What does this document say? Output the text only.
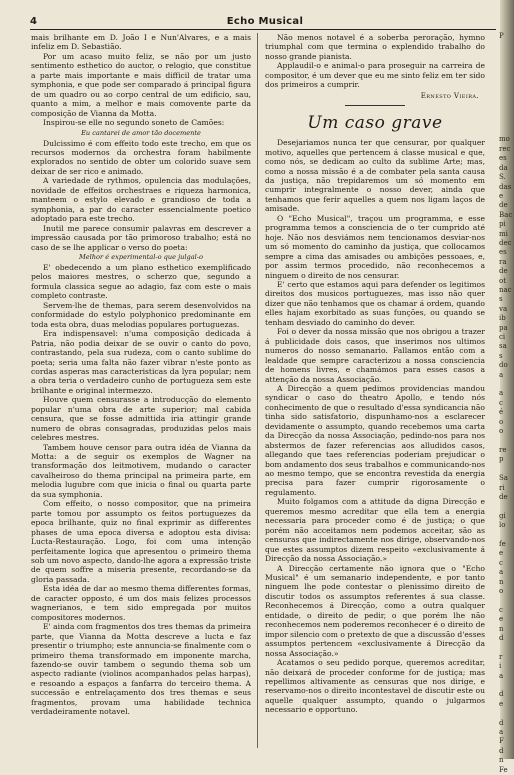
4	Echo Musical

mais brilhante em D. João I e Nun'Alvares, e a mais infeliz em D. Sebastião.

Por um acaso muito feliz, se não por um justo sentimento esthetico do auctor, o relogio, que constitue a parte mais importante e mais difficil de tratar uma symphonia, e que pode ser comparado á principal figura de um quadro ou ao corpo central de um edificio, sau, quanto a mim, a melhor e mais comovente parte da composição de Vianna da Motta.

Inspirou-se elle no segundo soneto de Camões:

Eu cantarei de amor tão docemente

Dulcissimo é com effeito todo este trecho, em que os recursos modernos da orchestra foram habilmente explorados no sentido de obter um colorido suave sem deixar de ser rico e animado.

A variedade de rythmos, opulencia das modulações, novidade de effeitos orchestraes e riqueza harmonica, manteem o estylo elevado e grandioso de toda a symphonia, a par do caracter essencialmente poetico adoptado para este trecho.

Inutil me parece consumir palavras em descrever a impressão causada por tão primoroso trabalho; está no caso de se lhe applicar o verso do poeta:

Melhor é experimental-o que julgal-o

E' obedecendo a um plano esthetico exemplificado pelos maiores mestres, o scherzo que, segundo a formula classica segue ao adagio, faz com este o mais completo contraste.

Servem-lhe de themas, para serem desenvolvidos na conformidade do estylo polyphonico predominante em toda esta obra, duas melodias populares portuguezas.

Era indispensavel: n'uma composição dedicada á Patria, não podia deixar de se ouvir o canto do povo, contrastando, pela sua rudeza, com o canto sublime do poeta; seria uma falta não fazer vibrar n'este ponto as cordas asperas mas caracteristicas da lyra popular; nem a obra teria o verdadeiro cunho de portugueza sem este brilhante e original intermezzo.

Houve quem censurasse a introducção do elemento popular n'uma obra de arte superior; mal cabida censura, que se fosse admittida iria attingir grande numero de obras consagradas, produzidas pelos mais celebres mestres.

Tambem houve censor para outra idéa de Vianna da Motta: a de seguir os exemplos de Wagner na transformação dos leitmotivem, mudando o caracter cavalheiroso do thema principal na primeira parte, em melodia lugubre com que inicia o final ou quarta parte da sua symphonia.

Com effeito, o nosso compositor, que na primeira parte tomou por assumpto os feitos portuguezes da epoca brilhante, quiz no final exprimir as differentes phases de uma epoca diversa e adoptou esta divisa: Lucta-Restauração. Logo, foi com uma intenção perfeitamente logica que apresentou o primeiro thema sob um novo aspecto, dando-lhe agora a expressão triste de quem soffre a miseria presente, recordando-se da gloria passada.

Esta idéa de dar ao mesmo thema differentes formas, de caracter opposto, é um dos mais felizes processos wagnerianos, e tem sido empregada por muitos compositores modernos.

E' ainda com fragmentos dos tres themas da primeira parte, que Vianna da Motta descreve a lucta e faz presentir o triumpho; este annuncia-se finalmente com o primeiro thema transformado em imponente marcha, fazendo-se ouvir tambem o segundo thema sob um aspecto radiante (violinos acompanhados pelas harpas), e resoando a espaços a fanfarra do terceiro thema. A successão e entrelaçamento dos tres themas e seus fragmentos, provam uma habilidade technica verdadeiramente notavel.

Não menos notavel é a soberba peroração, hymno triumphal com que termina o explendido trabalho do nosso grande pianista.

Applaudil-o e animal-o para proseguir na carreira de compositor, é um dever que eu me sinto feliz em ter sido dos primeiros a cumprir.

Ernesto Vieira.
Um caso grave

Desejariamos nunca ter que censurar, por qualquer motivo, aquelles que pertencem á classe musical e que, como nós, se dedicam ao culto da sublime Arte; mas, como a nossa missão é a de combater pela santa causa da justiça, não trepidaremos um só momento em cumprir integralmente o nosso dever, ainda que tenhamos que ferir aquelles a quem nos ligam laços de amisade.

O "Echo Musical", traçou um programma, e esse programma temos a consciencia de o ter cumprido até hoje. Não nos desviámos nem tencionamos desviar-nos um só momento do caminho da justiça, que collocamos sempre a cima das amisades ou ambições pessoaes, e, por assim termos procedido, não reconhecemos a ninguem o direito de nos censurar.

E' certo que estamos aqui para defender os legitimos direitos dos musicos portuguezes, mas isso não quer dizer que não tenhamos que os chamar á ordem, quando elles hajam exorbitado as suas funções, ou quando se tenham desviado do caminho do dever.

Foi o dever da nossa missão que nos obrigou a trazer á publicidade dois casos, que inserimos nos ultimos numeros do nosso semanario. Fallamos então com a lealdade que sempre caracterizou a nossa consciencia de homens livres, e chamámos para esses casos a attenção da nossa Associação.

A Direcção a quem pedimos providencias mandou syndicar o caso do theatro Apollo, e tendo nós conhecimento de que o resultado d'essa syndicancia não tinha sido satisfatorio, dispunhamo-nos a esclarecer devidamente o assumpto, quando recebemos uma carta da Direcção da nossa Associação, pedindo-nos para nos abstermos de fazer referencias aos alludidos casos, allegando que taes referencias poderiam prejudicar o bom andamento dos seus trabalhos e communicando-nos ao mesmo tempo, que se encontra revestida da energia precisa para fazer cumprir rigorosamente o regulamento.

Muito folgamos com a attitude da digna Direcção e queremos mesmo acreditar que ella tem a energia necessaria para proceder como é de justiça; o que porém não acceitamos nem podemos acceitar, são as censuras que indirectamente nos dirige, observando-nos que estes assumptos dizem respeito «exclusivamente á Direcção da nossa Associação.»

A Direcção certamente não ignora que o "Echo Musical" é um semanario independente, e por tanto ninguem lhe pode contestar o plenissimo direito de discutir todos os assumptos referentes á sua classe. Reconhecemos á Direcção, como a outra qualquer entidade, o direito de pedir, o que porém lhe não reconhecemos nem poderemos reconhecer é o direito de impor silencio com o pretexto de que a discussão d'esses assumptos pertencem «exclusivamente á Direcção da nossa Associação.»

Acatamos o seu pedido porque, queremos acreditar, não deixará de proceder conforme for de justiça; mas repellimos altivamente as censuras que nos dirige, e reservamo-nos o direito incontestavel de discutir este ou aquelle qualquer assumpto, quando o julgarmos necessario e opportuno.

P

mo
rec
es
da
S.
das
e
de
Bac
pi
mi
dec
es
ra
de
ot
nac
s
va
ib
pa
ci
sa
s
do
a

a
c
é
o
o

re
p

Sa
ri
de

gi
lo

fe
e
c
a
n
o

c
e
n
d

r
i
a

d
e

d
a
F
d
n
Fe
